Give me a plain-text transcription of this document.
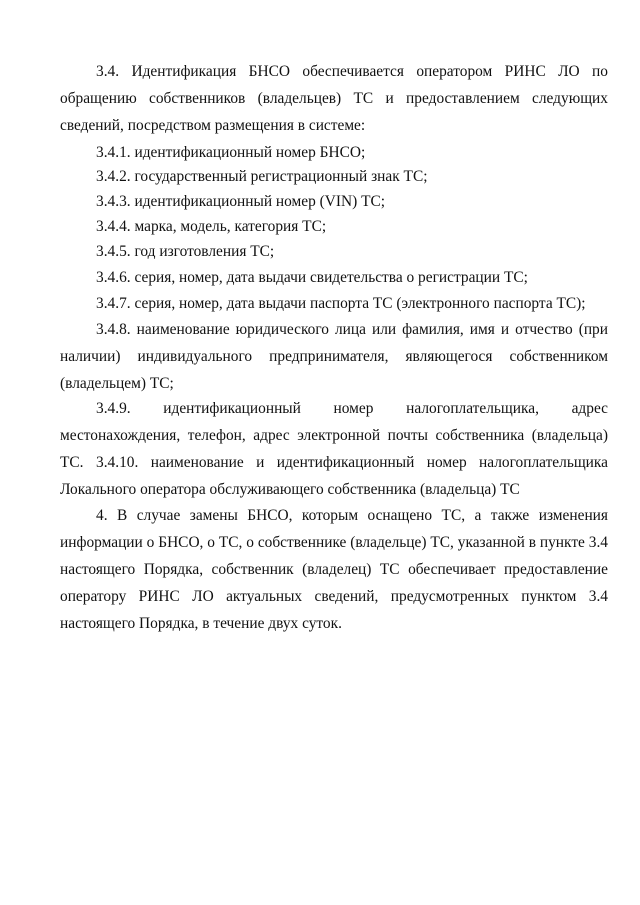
3.4. Идентификация БНСО обеспечивается оператором РИНС ЛО по обращению собственников (владельцев) ТС и предоставлением следующих сведений, посредством размещения в системе:

3.4.1. идентификационный номер БНСО;

3.4.2. государственный регистрационный знак ТС;

3.4.3. идентификационный номер (VIN) ТС;

3.4.4. марка, модель, категория ТС;

3.4.5. год изготовления ТС;

3.4.6. серия, номер, дата выдачи свидетельства о регистрации ТС;

3.4.7. серия, номер, дата выдачи паспорта ТС (электронного паспорта ТС);

3.4.8. наименование юридического лица или фамилия, имя и отчество (при наличии) индивидуального предпринимателя, являющегося собственником (владельцем) ТС;

3.4.9. идентификационный номер налогоплательщика, адрес местонахождения, телефон, адрес электронной почты собственника (владельца) ТС. 3.4.10. наименование и идентификационный номер налогоплательщика Локального оператора обслуживающего собственника (владельца) ТС

4. В случае замены БНСО, которым оснащено ТС, а также изменения информации о БНСО, о ТС, о собственнике (владельце) ТС, указанной в пункте 3.4 настоящего Порядка, собственник (владелец) ТС обеспечивает предоставление оператору РИНС ЛО актуальных сведений, предусмотренных пунктом 3.4 настоящего Порядка, в течение двух суток.
